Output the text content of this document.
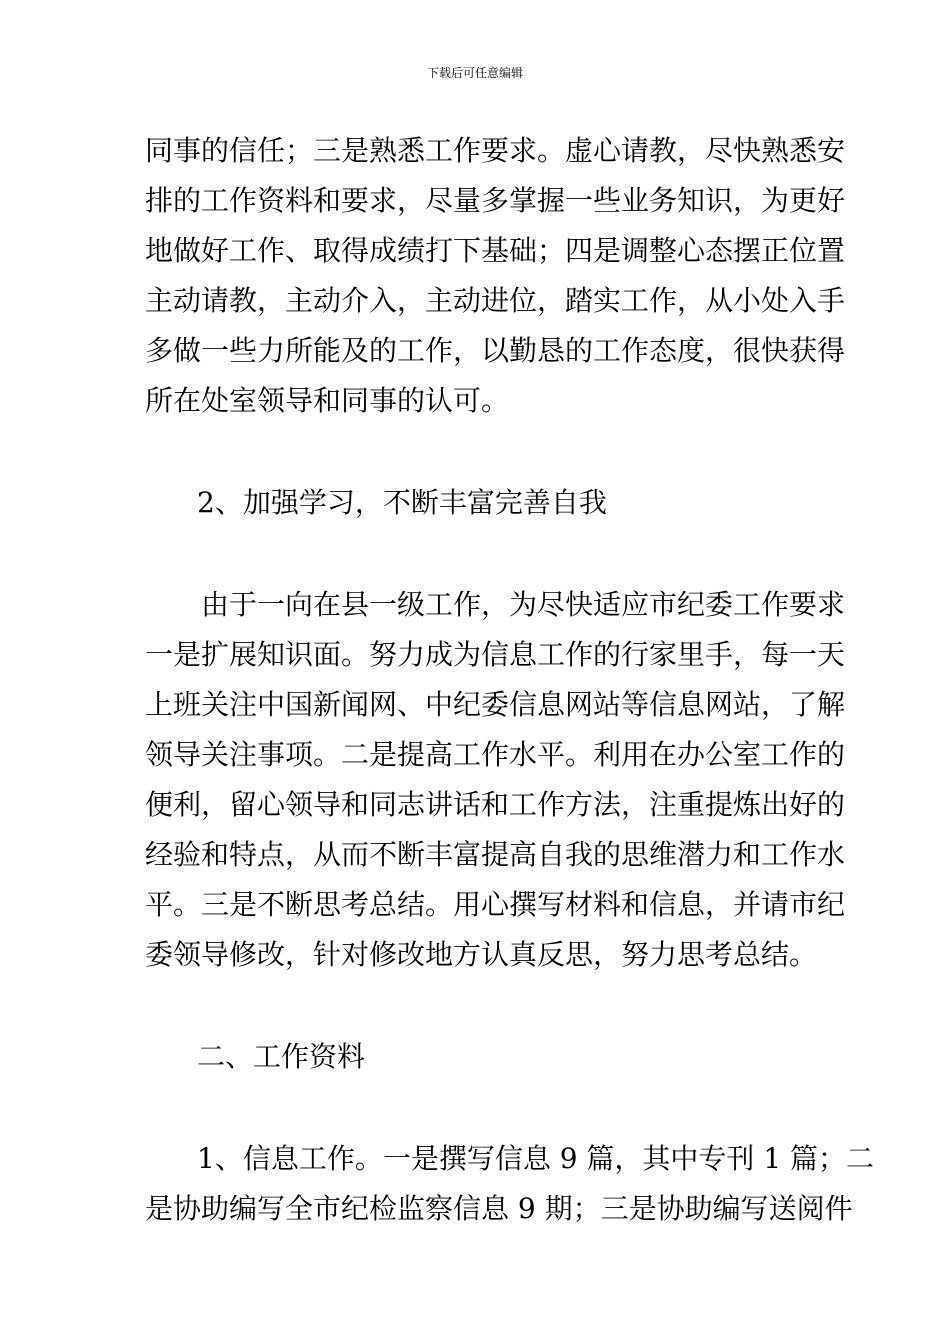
下载后可任意编辑
同事的信任；三是熟悉工作要求。虚心请教，尽快熟悉安
排的工作资料和要求，尽量多掌握一些业务知识，为更好
地做好工作、取得成绩打下基础；四是调整心态摆正位置
主动请教，主动介入，主动进位，踏实工作，从小处入手
多做一些力所能及的工作，以勤恳的工作态度，很快获得
所在处室领导和同事的认可。
2、加强学习，不断丰富完善自我
由于一向在县一级工作，为尽快适应市纪委工作要求
一是扩展知识面。努力成为信息工作的行家里手，每一天
上班关注中国新闻网、中纪委信息网站等信息网站，了解
领导关注事项。二是提高工作水平。利用在办公室工作的
便利，留心领导和同志讲话和工作方法，注重提炼出好的
经验和特点，从而不断丰富提高自我的思维潜力和工作水
平。三是不断思考总结。用心撰写材料和信息，并请市纪
委领导修改，针对修改地方认真反思，努力思考总结。
二、工作资料
1、信息工作。一是撰写信息 9 篇，其中专刊 1 篇；二
是协助编写全市纪检监察信息 9 期；三是协助编写送阅件
